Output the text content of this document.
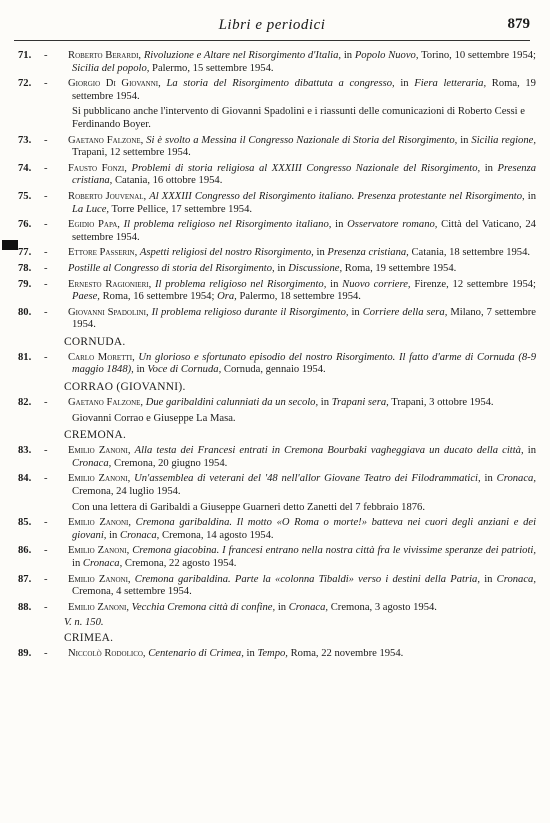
Libri e periodici	879
71. - Roberto Berardi, Rivoluzione e Altare nel Risorgimento d'Italia, in Popolo Nuovo, Torino, 10 settembre 1954; Sicilia del popolo, Palermo, 15 settembre 1954.
72. - Giorgio Di Giovanni, La storia del Risorgimento dibattuta a congresso, in Fiera letteraria, Roma, 19 settembre 1954.
Si pubblicano anche l'intervento di Giovanni Spadolini e i riassunti delle comunicazioni di Roberto Cessi e Ferdinando Boyer.
73. - Gaetano Falzone, Si è svolto a Messina il Congresso Nazionale di Storia del Risorgimento, in Sicilia regione, Trapani, 12 settembre 1954.
74. - Fausto Fonzi, Problemi di storia religiosa al XXXIII Congresso Nazionale del Risorgimento, in Presenza cristiana, Catania, 16 ottobre 1954.
75. - Roberto Jouvenal, Al XXXIII Congresso del Risorgimento italiano. Presenza protestante nel Risorgimento, in La Luce, Torre Pellice, 17 settembre 1954.
76. - Egidio Papa, Il problema religioso nel Risorgimento italiano, in Osservatore romano, Città del Vaticano, 24 settembre 1954.
77. - Ettore Passerin, Aspetti religiosi del nostro Risorgimento, in Presenza cristiana, Catania, 18 settembre 1954.
78. - Postille al Congresso di storia del Risorgimento, in Discussione, Roma, 19 settembre 1954.
79. - Ernesto Ragionieri, Il problema religioso nel Risorgimento, in Nuovo corriere, Firenze, 12 settembre 1954; Paese, Roma, 16 settembre 1954; Ora, Palermo, 18 settembre 1954.
80. - Giovanni Spadolini, Il problema religioso durante il Risorgimento, in Corriere della sera, Milano, 7 settembre 1954.
CORNUDA.
81. - Carlo Moretti, Un glorioso e sfortunato episodio del nostro Risorgimento. Il fatto d'arme di Cornuda (8-9 maggio 1848), in Voce di Cornuda, Cornuda, gennaio 1954.
CORRAO (GIOVANNI).
82. - Gaetano Falzone, Due garibaldini calunniati da un secolo, in Trapani sera, Trapani, 3 ottobre 1954.
Giovanni Corrao e Giuseppe La Masa.
CREMONA.
83. - Emilio Zanoni, Alla testa dei Francesi entrati in Cremona Bourbaki vagheggiava un ducato della città, in Cronaca, Cremona, 20 giugno 1954.
84. - Emilio Zanoni, Un'assemblea di veterani del '48 nell'allor Giovane Teatro dei Filodrammatici, in Cronaca, Cremona, 24 luglio 1954.
Con una lettera di Garibaldi a Giuseppe Guarneri detto Zanetti del 7 febbraio 1876.
85. - Emilio Zanoni, Cremona garibaldina. Il motto «O Roma o morte!» batteva nei cuori degli anziani e dei giovani, in Cronaca, Cremona, 14 agosto 1954.
86. - Emilio Zanoni, Cremona giacobina. I francesi entrano nella nostra città fra le vivissime speranze dei patrioti, in Cronaca, Cremona, 22 agosto 1954.
87. - Emilio Zanoni, Cremona garibaldina. Parte la «colonna Tibaldi» verso i destini della Patria, in Cronaca, Cremona, 4 settembre 1954.
88. - Emilio Zanoni, Vecchia Cremona città di confine, in Cronaca, Cremona, 3 agosto 1954.
V. n. 150.
CRIMEA.
89. - Niccolò Rodolico, Centenario di Crimea, in Tempo, Roma, 22 novembre 1954.
